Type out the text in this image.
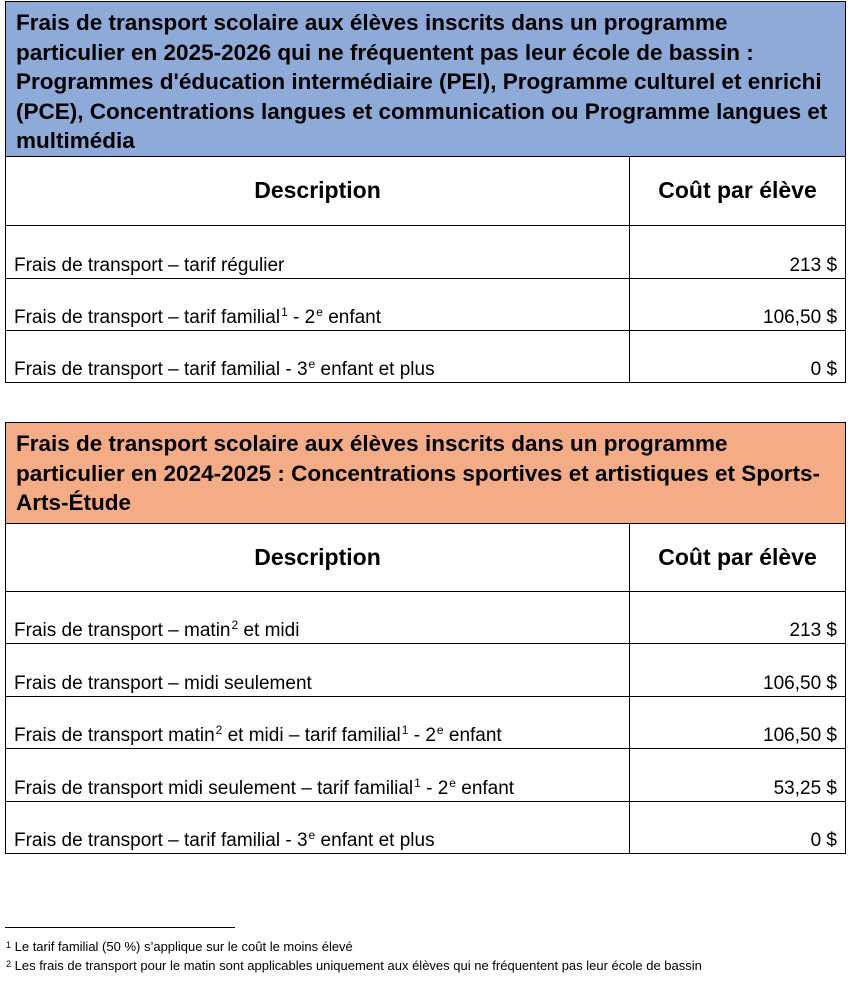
Frais de transport scolaire aux élèves inscrits dans un programme particulier en 2025-2026 qui ne fréquentent pas leur école de bassin : Programmes d'éducation intermédiaire (PEI), Programme culturel et enrichi (PCE), Concentrations langues et communication ou Programme langues et multimédia	
Description	Coût par élève
Frais de transport – tarif régulier	213 $
Frais de transport – tarif familial$^1$ - 2e enfant	106,50 $
Frais de transport – tarif familial - 3e enfant et plus	0 $
Frais de transport scolaire aux élèves inscrits dans un programme particulier en 2024-2025 : Concentrations sportives et artistiques et Sports-Arts-Étude	
Description	Coût par élève
Frais de transport – matin$^2$ et midi	213 $
Frais de transport – midi seulement	106,50 $
Frais de transport matin$^2$ et midi – tarif familial$^1$ - 2e enfant	106,50 $
Frais de transport midi seulement – tarif familial$^1$ - 2e enfant	53,25 $
Frais de transport – tarif familial - 3e enfant et plus	0 $
$^1$ Le tarif familial (50 %) s’applique sur le coût le moins élevé
$^2$ Les frais de transport pour le matin sont applicables uniquement aux élèves qui ne fréquentent pas leur école de bassin
